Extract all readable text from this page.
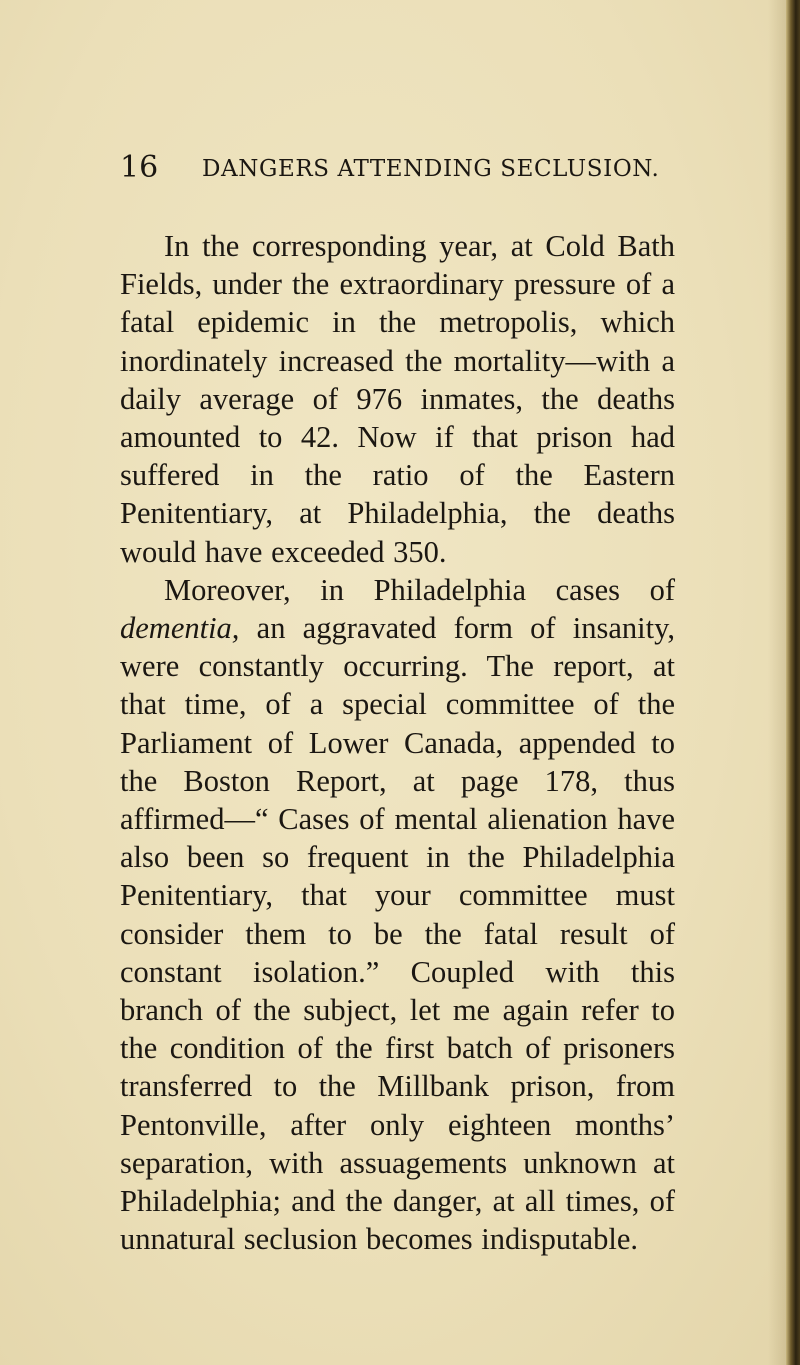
16 DANGERS ATTENDING SECLUSION.

In the corresponding year, at Cold Bath Fields, under the extraordinary pressure of a fatal epidemic in the metropolis, which inordinately increased the mortality—with a daily average of 976 inmates, the deaths amounted to 42. Now if that prison had suffered in the ratio of the Eastern Penitentiary, at Philadelphia, the deaths would have exceeded 350.

Moreover, in Philadelphia cases of dementia, an aggravated form of insanity, were constantly occurring. The report, at that time, of a special committee of the Parliament of Lower Canada, appended to the Boston Report, at page 178, thus affirmed—“ Cases of mental alienation have also been so frequent in the Philadelphia Penitentiary, that your committee must consider them to be the fatal result of constant isolation.” Coupled with this branch of the subject, let me again refer to the condition of the first batch of prisoners transferred to the Millbank prison, from Pentonville, after only eighteen months’ separation, with assuagements unknown at Philadelphia; and the danger, at all times, of unnatural seclusion becomes indisputable.
